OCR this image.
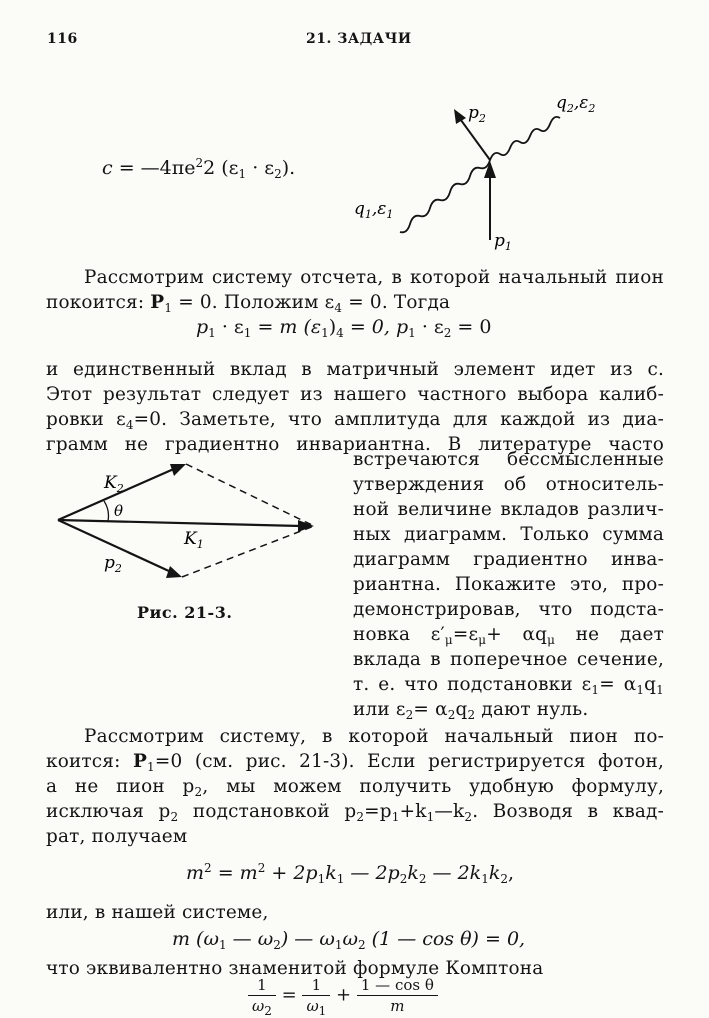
116	21. ЗАДАЧИ
$c = —4\pi e^22$ $(\varepsilon_1 \cdot \varepsilon_2)$.
$p_2$
$q_2,\varepsilon_2$
$q_1,\varepsilon_1$
$p_1$

Рассмотрим систему отсчета, в которой начальный пион

покоится: $P_1 = 0$. Положим $\varepsilon_4 = 0$. Тогда

$p_1 \cdot \varepsilon_1 = m$ $(\varepsilon_1)_4 = 0$, $p_1 \cdot \varepsilon_2 = 0$

и единственный вклад в матричный элемент идет из c.

Этот результат следует из нашего частного выбора калиб-

ровки $\varepsilon_4=0$. Заметьте, что амплитуда для каждой из диа-

грамм не градиентно инвариантна. В литературе часто

$K_2$
θ
$K_1$
$p_2$
Рис. 21-3.

встречаются бессмысленные

утверждения об относитель-

ной величине вкладов различ-

ных диаграмм. Только сумма

диаграмм градиентно инва-

риантна. Покажите это, про-

демонстрировав, что подста-

новка $\varepsilon'_\mu=\varepsilon_\mu+ \alpha q_\mu$ не дает

вклада в поперечное сечение,

т. е. что подстановки $\varepsilon_1= \alpha_1q_1$

или $\varepsilon_2= \alpha_2q_2$ дают нуль.

Рассмотрим систему, в которой начальный пион по-

коится: $P_1=0$ (см. рис. 21-3). Если регистрируется фотон,

а не пион $p_2$, мы можем получить удобную формулу,

исключая $p_2$ подстановкой $p_2=p_1+k_1—k_2$. Возводя в квад-

рат, получаем

$m^2 = m^2 + 2p_1k_1$ — $2p_2k_2$ — $2k_1k_2$,

или, в нашей системе,

m ($\omega_1$ — $\omega_2$) — $\omega_1\omega_2$ (1 — cos θ) = 0,

что эквивалентно знаменитой формуле Комптона

$\frac{1}{\omega_2} = \frac{1}{\omega_1} + \frac{\text{1 — cos θ}}{m}$
